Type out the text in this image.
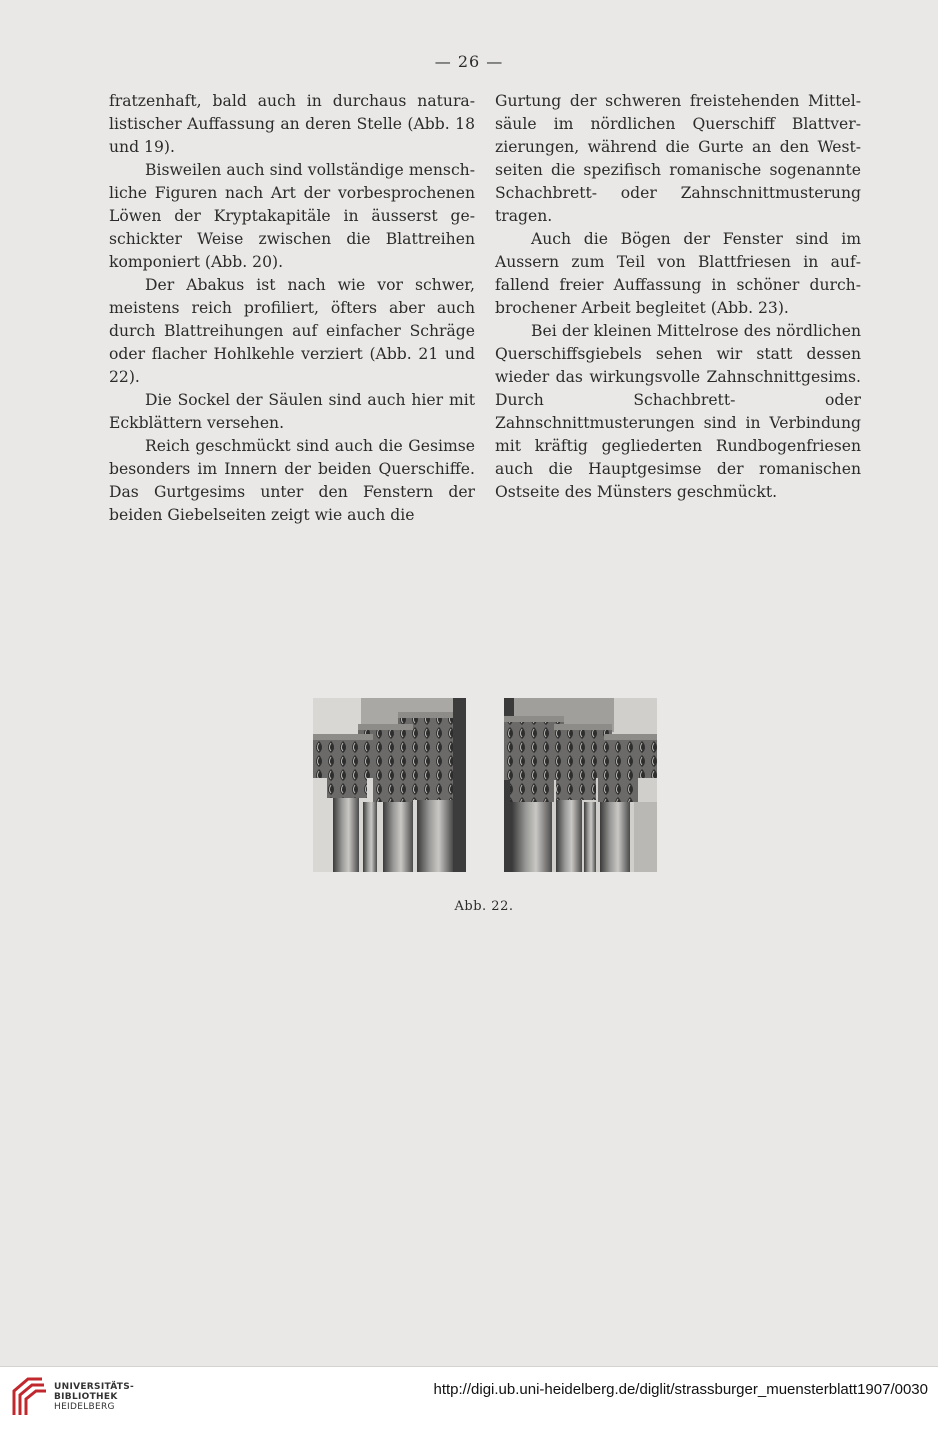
— 26 —

fratzenhaft, bald auch in durchaus naturalistischer Auffassung an deren Stelle (Abb. 18 und 19).

Bisweilen auch sind vollständige menschliche Figuren nach Art der vorbesprochenen Löwen der Kryptakapitäle in äusserst geschickter Weise zwischen die Blattreihen komponiert (Abb. 20).

Der Abakus ist nach wie vor schwer, meistens reich profiliert, öfters aber auch durch Blattreihungen auf einfacher Schräge oder flacher Hohlkehle verziert (Abb. 21 und 22).

Die Sockel der Säulen sind auch hier mit Eckblättern versehen.

Reich geschmückt sind auch die Gesimse besonders im Innern der beiden Querschiffe. Das Gurtgesims unter den Fenstern der beiden Giebelseiten zeigt wie auch die

Gurtung der schweren freistehenden Mittelsäule im nördlichen Querschiff Blattverzierungen, während die Gurte an den Westseiten die spezifisch romanische sogenannte Schachbrett- oder Zahnschnittmusterung tragen.

Auch die Bögen der Fenster sind im Aussern zum Teil von Blattfriesen in auffallend freier Auffassung in schöner durchbrochener Arbeit begleitet (Abb. 23).

Bei der kleinen Mittelrose des nördlichen Querschiffsgiebels sehen wir statt dessen wieder das wirkungsvolle Zahnschnittgesims. Durch Schachbrett- oder Zahnschnittmusterungen sind in Verbindung mit kräftig gegliederten Rundbogenfriesen auch die Hauptgesimse der romanischen Ostseite des Münsters geschmückt.

Abb. 22.
UNIVERSITÄTS-
BIBLIOTHEK
HEIDELBERG
http://digi.ub.uni-heidelberg.de/diglit/strassburger_muensterblatt1907/0030
